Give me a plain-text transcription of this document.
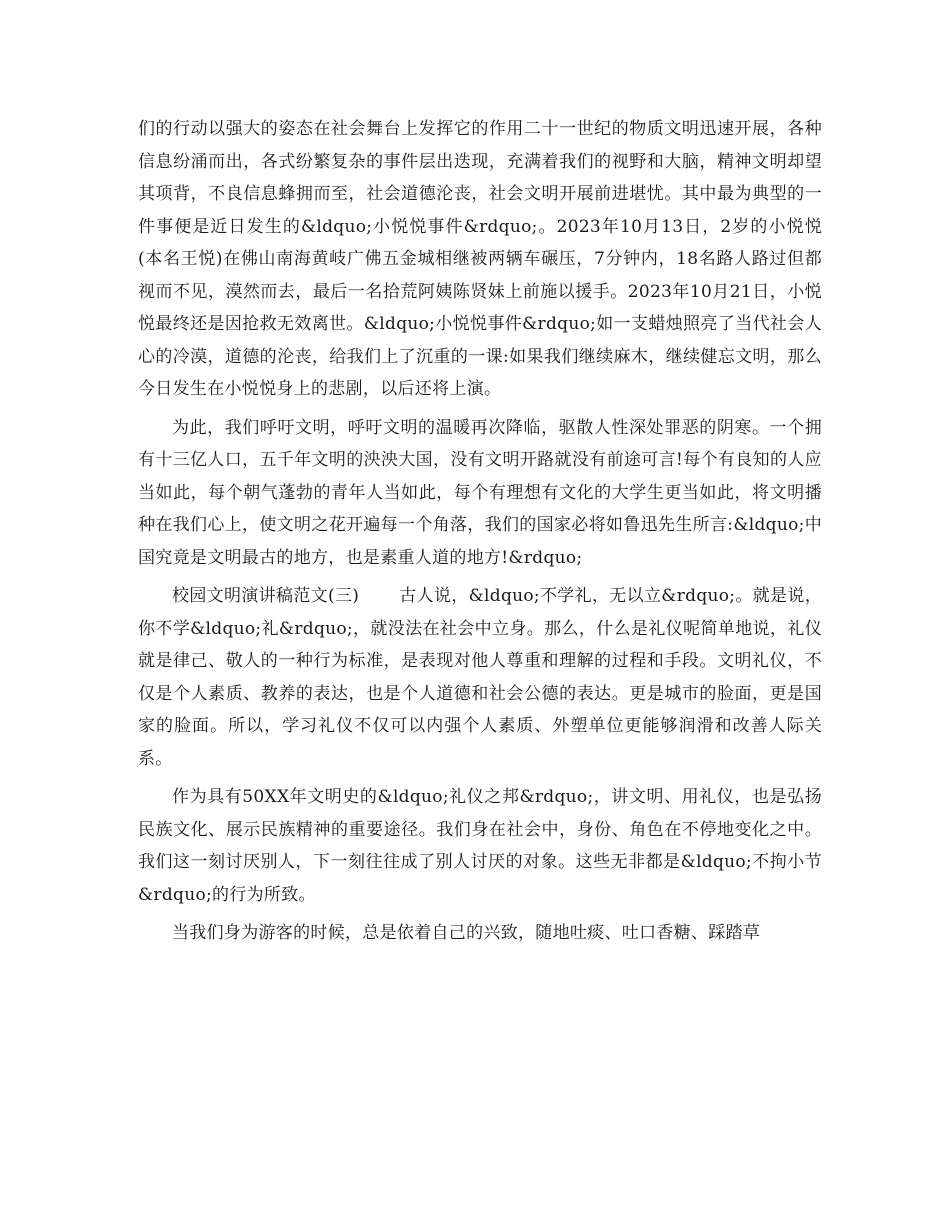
们的行动以强大的姿态在社会舞台上发挥它的作用二十一世纪的物质文明迅速开展，各种信息纷涌而出，各式纷繁复杂的事件层出迭现，充满着我们的视野和大脑，精神文明却望其项背，不良信息蜂拥而至，社会道德沦丧，社会文明开展前进堪忧。其中最为典型的一件事便是近日发生的&ldquo;小悦悦事件&rdquo;。2023年10月13日，2岁的小悦悦(本名王悦)在佛山南海黄岐广佛五金城相继被两辆车碾压，7分钟内，18名路人路过但都视而不见，漠然而去，最后一名拾荒阿姨陈贤妹上前施以援手。2023年10月21日，小悦悦最终还是因抢救无效离世。&ldquo;小悦悦事件&rdquo;如一支蜡烛照亮了当代社会人心的冷漠，道德的沦丧，给我们上了沉重的一课:如果我们继续麻木，继续健忘文明，那么今日发生在小悦悦身上的悲剧，以后还将上演。

为此，我们呼吁文明，呼吁文明的温暖再次降临，驱散人性深处罪恶的阴寒。一个拥有十三亿人口，五千年文明的泱泱大国，没有文明开路就没有前途可言!每个有良知的人应当如此，每个朝气蓬勃的青年人当如此，每个有理想有文化的大学生更当如此，将文明播种在我们心上，使文明之花开遍每一个角落，我们的国家必将如鲁迅先生所言:&ldquo;中国究竟是文明最古的地方，也是素重人道的地方!&rdquo;

校园文明演讲稿范文(三) 古人说，&ldquo;不学礼，无以立&rdquo;。就是说，你不学&ldquo;礼&rdquo;，就没法在社会中立身。那么，什么是礼仪呢简单地说，礼仪就是律己、敬人的一种行为标准，是表现对他人尊重和理解的过程和手段。文明礼仪，不仅是个人素质、教养的表达，也是个人道德和社会公德的表达。更是城市的脸面，更是国家的脸面。所以，学习礼仪不仅可以内强个人素质、外塑单位更能够润滑和改善人际关系。

作为具有50XX年文明史的&ldquo;礼仪之邦&rdquo;，讲文明、用礼仪，也是弘扬民族文化、展示民族精神的重要途径。我们身在社会中，身份、角色在不停地变化之中。我们这一刻讨厌别人，下一刻往往成了别人讨厌的对象。这些无非都是&ldquo;不拘小节&rdquo;的行为所致。

当我们身为游客的时候，总是依着自己的兴致，随地吐痰、吐口香糖、踩踏草
